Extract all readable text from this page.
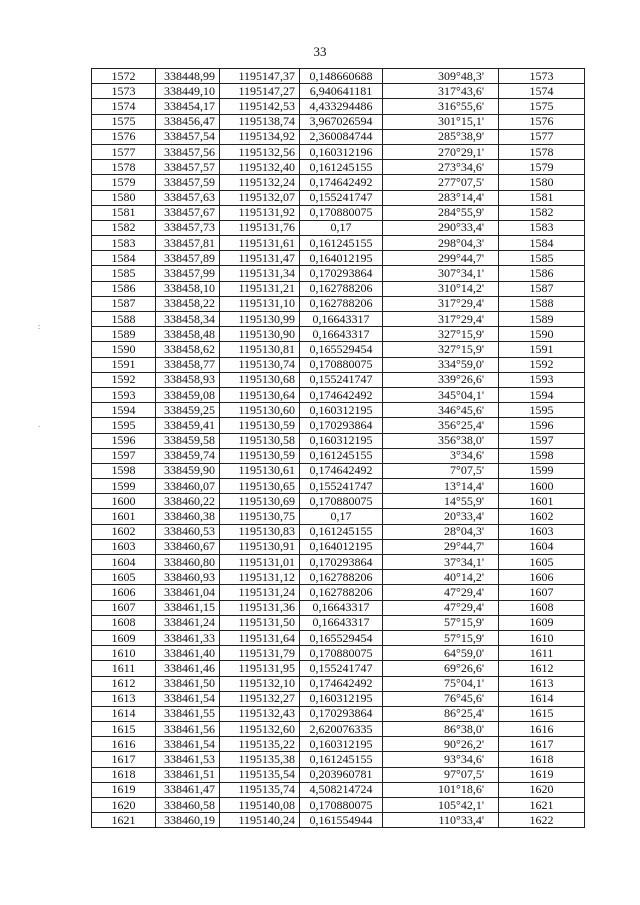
33
:
.
1572	338448,99	1195147,37	0,148660688	309°48,3'	1573
1573	338449,10	1195147,27	6,940641181	317°43,6'	1574
1574	338454,17	1195142,53	4,433294486	316°55,6'	1575
1575	338456,47	1195138,74	3,967026594	301°15,1'	1576
1576	338457,54	1195134,92	2,360084744	285°38,9'	1577
1577	338457,56	1195132,56	0,160312196	270°29,1'	1578
1578	338457,57	1195132,40	0,161245155	273°34,6'	1579
1579	338457,59	1195132,24	0,174642492	277°07,5'	1580
1580	338457,63	1195132,07	0,155241747	283°14,4'	1581
1581	338457,67	1195131,92	0,170880075	284°55,9'	1582
1582	338457,73	1195131,76	0,17	290°33,4'	1583
1583	338457,81	1195131,61	0,161245155	298°04,3'	1584
1584	338457,89	1195131,47	0,164012195	299°44,7'	1585
1585	338457,99	1195131,34	0,170293864	307°34,1'	1586
1586	338458,10	1195131,21	0,162788206	310°14,2'	1587
1587	338458,22	1195131,10	0,162788206	317°29,4'	1588
1588	338458,34	1195130,99	0,16643317	317°29,4'	1589
1589	338458,48	1195130,90	0,16643317	327°15,9'	1590
1590	338458,62	1195130,81	0,165529454	327°15,9'	1591
1591	338458,77	1195130,74	0,170880075	334°59,0'	1592
1592	338458,93	1195130,68	0,155241747	339°26,6'	1593
1593	338459,08	1195130,64	0,174642492	345°04,1'	1594
1594	338459,25	1195130,60	0,160312195	346°45,6'	1595
1595	338459,41	1195130,59	0,170293864	356°25,4'	1596
1596	338459,58	1195130,58	0,160312195	356°38,0'	1597
1597	338459,74	1195130,59	0,161245155	3°34,6'	1598
1598	338459,90	1195130,61	0,174642492	7°07,5'	1599
1599	338460,07	1195130,65	0,155241747	13°14,4'	1600
1600	338460,22	1195130,69	0,170880075	14°55,9'	1601
1601	338460,38	1195130,75	0,17	20°33,4'	1602
1602	338460,53	1195130,83	0,161245155	28°04,3'	1603
1603	338460,67	1195130,91	0,164012195	29°44,7'	1604
1604	338460,80	1195131,01	0,170293864	37°34,1'	1605
1605	338460,93	1195131,12	0,162788206	40°14,2'	1606
1606	338461,04	1195131,24	0,162788206	47°29,4'	1607
1607	338461,15	1195131,36	0,16643317	47°29,4'	1608
1608	338461,24	1195131,50	0,16643317	57°15,9'	1609
1609	338461,33	1195131,64	0,165529454	57°15,9'	1610
1610	338461,40	1195131,79	0,170880075	64°59,0'	1611
1611	338461,46	1195131,95	0,155241747	69°26,6'	1612
1612	338461,50	1195132,10	0,174642492	75°04,1'	1613
1613	338461,54	1195132,27	0,160312195	76°45,6'	1614
1614	338461,55	1195132,43	0,170293864	86°25,4'	1615
1615	338461,56	1195132,60	2,620076335	86°38,0'	1616
1616	338461,54	1195135,22	0,160312195	90°26,2'	1617
1617	338461,53	1195135,38	0,161245155	93°34,6'	1618
1618	338461,51	1195135,54	0,203960781	97°07,5'	1619
1619	338461,47	1195135,74	4,508214724	101°18,6'	1620
1620	338460,58	1195140,08	0,170880075	105°42,1'	1621
1621	338460,19	1195140,24	0,161554944	110°33,4'	1622
